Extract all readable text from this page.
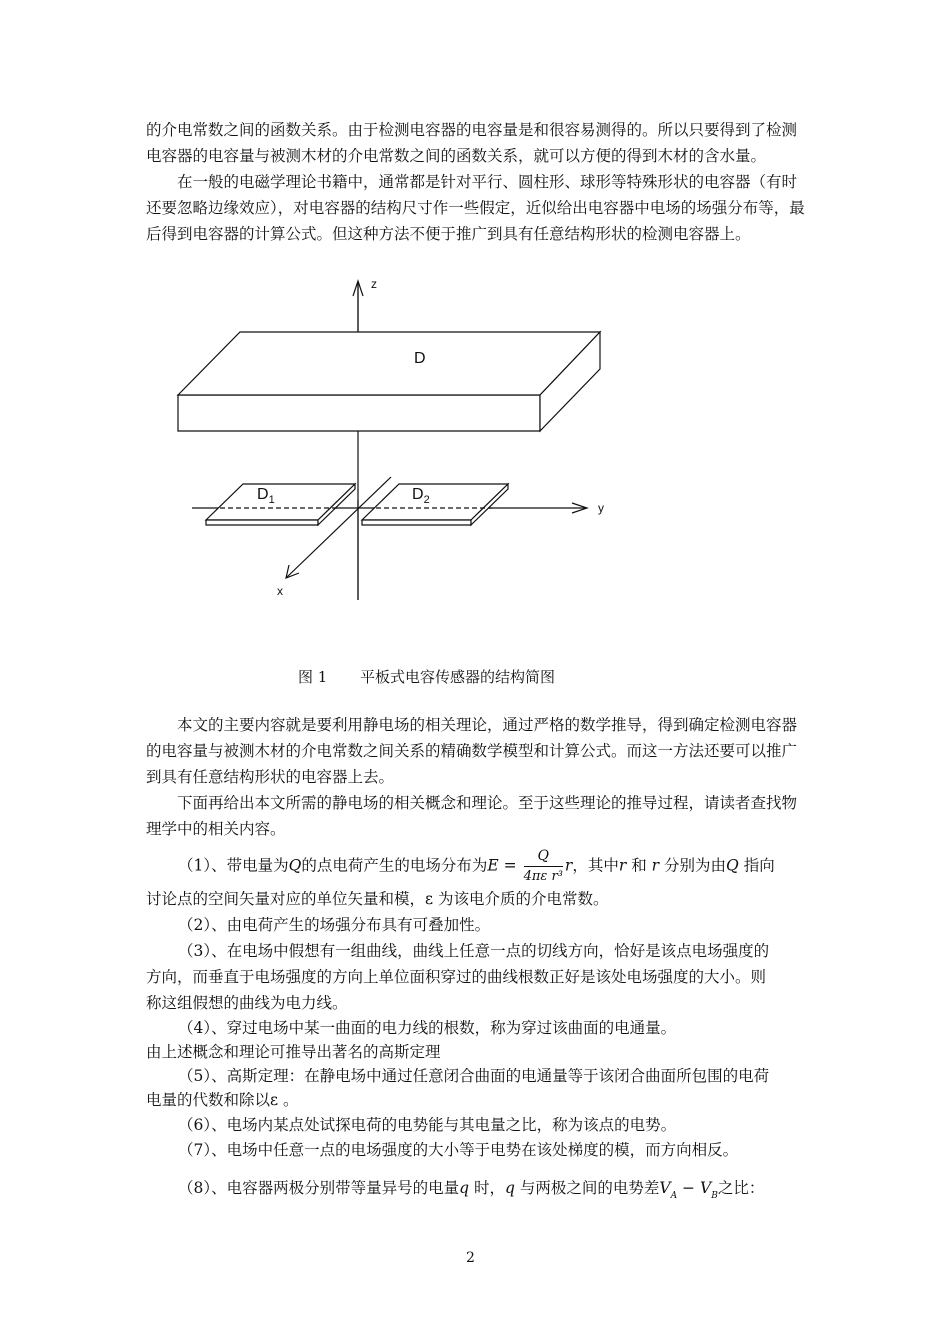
的介电常数之间的函数关系。由于检测电容器的电容量是和很容易测得的。所以只要得到了检测电容器的电容量与被测木材的介电常数之间的函数关系，就可以方便的得到木材的含水量。

在一般的电磁学理论书籍中，通常都是针对平行、圆柱形、球形等特殊形状的电容器（有时还要忽略边缘效应），对电容器的结构尺寸作一些假定，近似给出电容器中电场的场强分布等，最后得到电容器的计算公式。但这种方法不便于推广到具有任意结构形状的检测电容器上。

z
y
x
D
$D_1$	$D_2$
图 1 平板式电容传感器的结构简图

本文的主要内容就是要利用静电场的相关理论，通过严格的数学推导，得到确定检测电容器的电容量与被测木材的介电常数之间关系的精确数学模型和计算公式。而这一方法还要可以推广到具有任意结构形状的电容器上去。

下面再给出本文所需的静电场的相关概念和理论。至于这些理论的推导过程，请读者查找物理学中的相关内容。

（1）、带电量为Q的点电荷产生的电场分布为$E = \frac{Q}{\text{4πε r³}}$ r，其中r 和 r 分别为由Q 指向
讨论点的空间矢量对应的单位矢量和模，ε 为该电介质的介电常数。
（2）、由电荷产生的场强分布具有可叠加性。
（3）、在电场中假想有一组曲线，曲线上任意一点的切线方向，恰好是该点电场强度的
方向，而垂直于电场强度的方向上单位面积穿过的曲线根数正好是该处电场强度的大小。则
称这组假想的曲线为电力线。
（4）、穿过电场中某一曲面的电力线的根数，称为穿过该曲面的电通量。
由上述概念和理论可推导出著名的高斯定理
（5）、高斯定理：在静电场中通过任意闭合曲面的电通量等于该闭合曲面所包围的电荷
电量的代数和除以ε 。
（6）、电场内某点处试探电荷的电势能与其电量之比，称为该点的电势。
（7）、电场中任意一点的电场强度的大小等于电势在该处梯度的模，而方向相反。
（8）、电容器两极分别带等量异号的电量q 时，q 与两极之间的电势差$V_A - V_B$之比：
2
